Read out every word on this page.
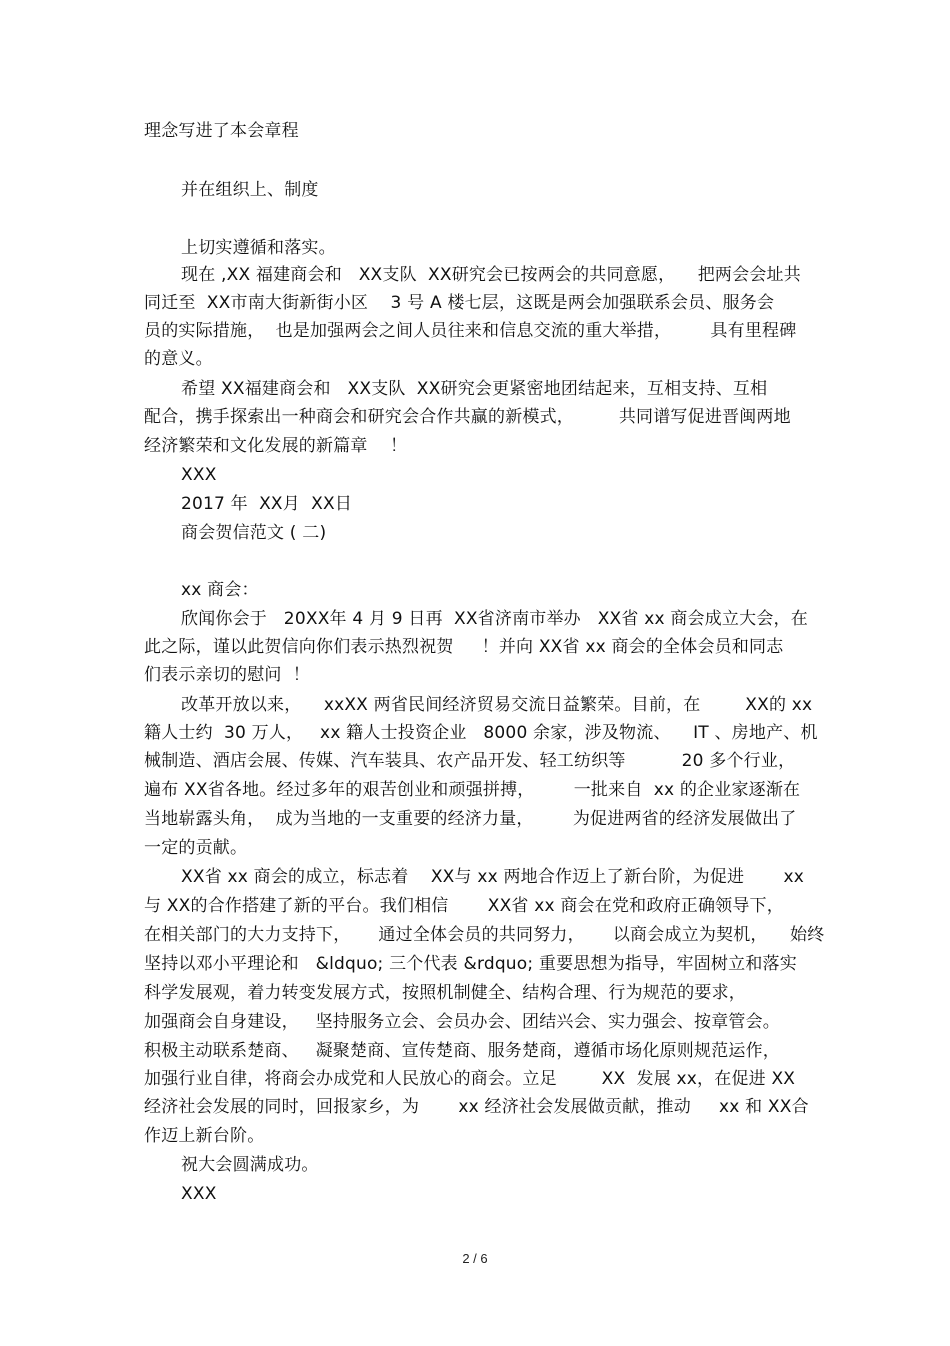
理念写进了本会章程
并在组织上、制度
上切实遵循和落实。
现在 ,XX 福建商会和   XX支队  XX研究会已按两会的共同意愿，    把两会会址共
同迁至  XX市南大街新街小区    3 号 A 楼七层，这既是两会加强联系会员、服务会
员的实际措施，  也是加强两会之间人员往来和信息交流的重大举措，       具有里程碑
的意义。
希望 XX福建商会和   XX支队  XX研究会更紧密地团结起来，互相支持、互相
配合，携手探索出一种商会和研究会合作共赢的新模式，        共同谱写促进晋闽两地
经济繁荣和文化发展的新篇章    ！
XXX
2017 年  XX月  XX日
商会贺信范文 ( 二)
xx 商会：
欣闻你会于   20XX年 4 月 9 日再  XX省济南市举办   XX省 xx 商会成立大会，在
此之际，谨以此贺信向你们表示热烈祝贺     ！并向 XX省 xx 商会的全体会员和同志
们表示亲切的慰问  ！
改革开放以来，    xxXX 两省民间经济贸易交流日益繁荣。目前，在        XX的 xx
籍人士约  30 万人，   xx 籍人士投资企业   8000 余家，涉及物流、    IT 、房地产、机
械制造、酒店会展、传媒、汽车装具、农产品开发、轻工纺织等          20 多个行业，
遍布 XX省各地。经过多年的艰苦创业和顽强拼搏，       一批来自  xx 的企业家逐渐在
当地崭露头角，  成为当地的一支重要的经济力量，       为促进两省的经济发展做出了
一定的贡献。
XX省 xx 商会的成立，标志着    XX与 xx 两地合作迈上了新台阶，为促进       xx
与 XX的合作搭建了新的平台。我们相信       XX省 xx 商会在党和政府正确领导下，
在相关部门的大力支持下，     通过全体会员的共同努力，     以商会成立为契机，    始终
坚持以邓小平理论和   &ldquo; 三个代表 &rdquo; 重要思想为指导，牢固树立和落实
科学发展观，着力转变发展方式，按照机制健全、结构合理、行为规范的要求，
加强商会自身建设，   坚持服务立会、会员办会、团结兴会、实力强会、按章管会。
积极主动联系楚商、   凝聚楚商、宣传楚商、服务楚商，遵循市场化原则规范运作，
加强行业自律，将商会办成党和人民放心的商会。立足        XX  发展 xx，在促进 XX
经济社会发展的同时，回报家乡，为       xx 经济社会发展做贡献，推动     xx 和 XX合
作迈上新台阶。
祝大会圆满成功。
XXX
2 / 6
